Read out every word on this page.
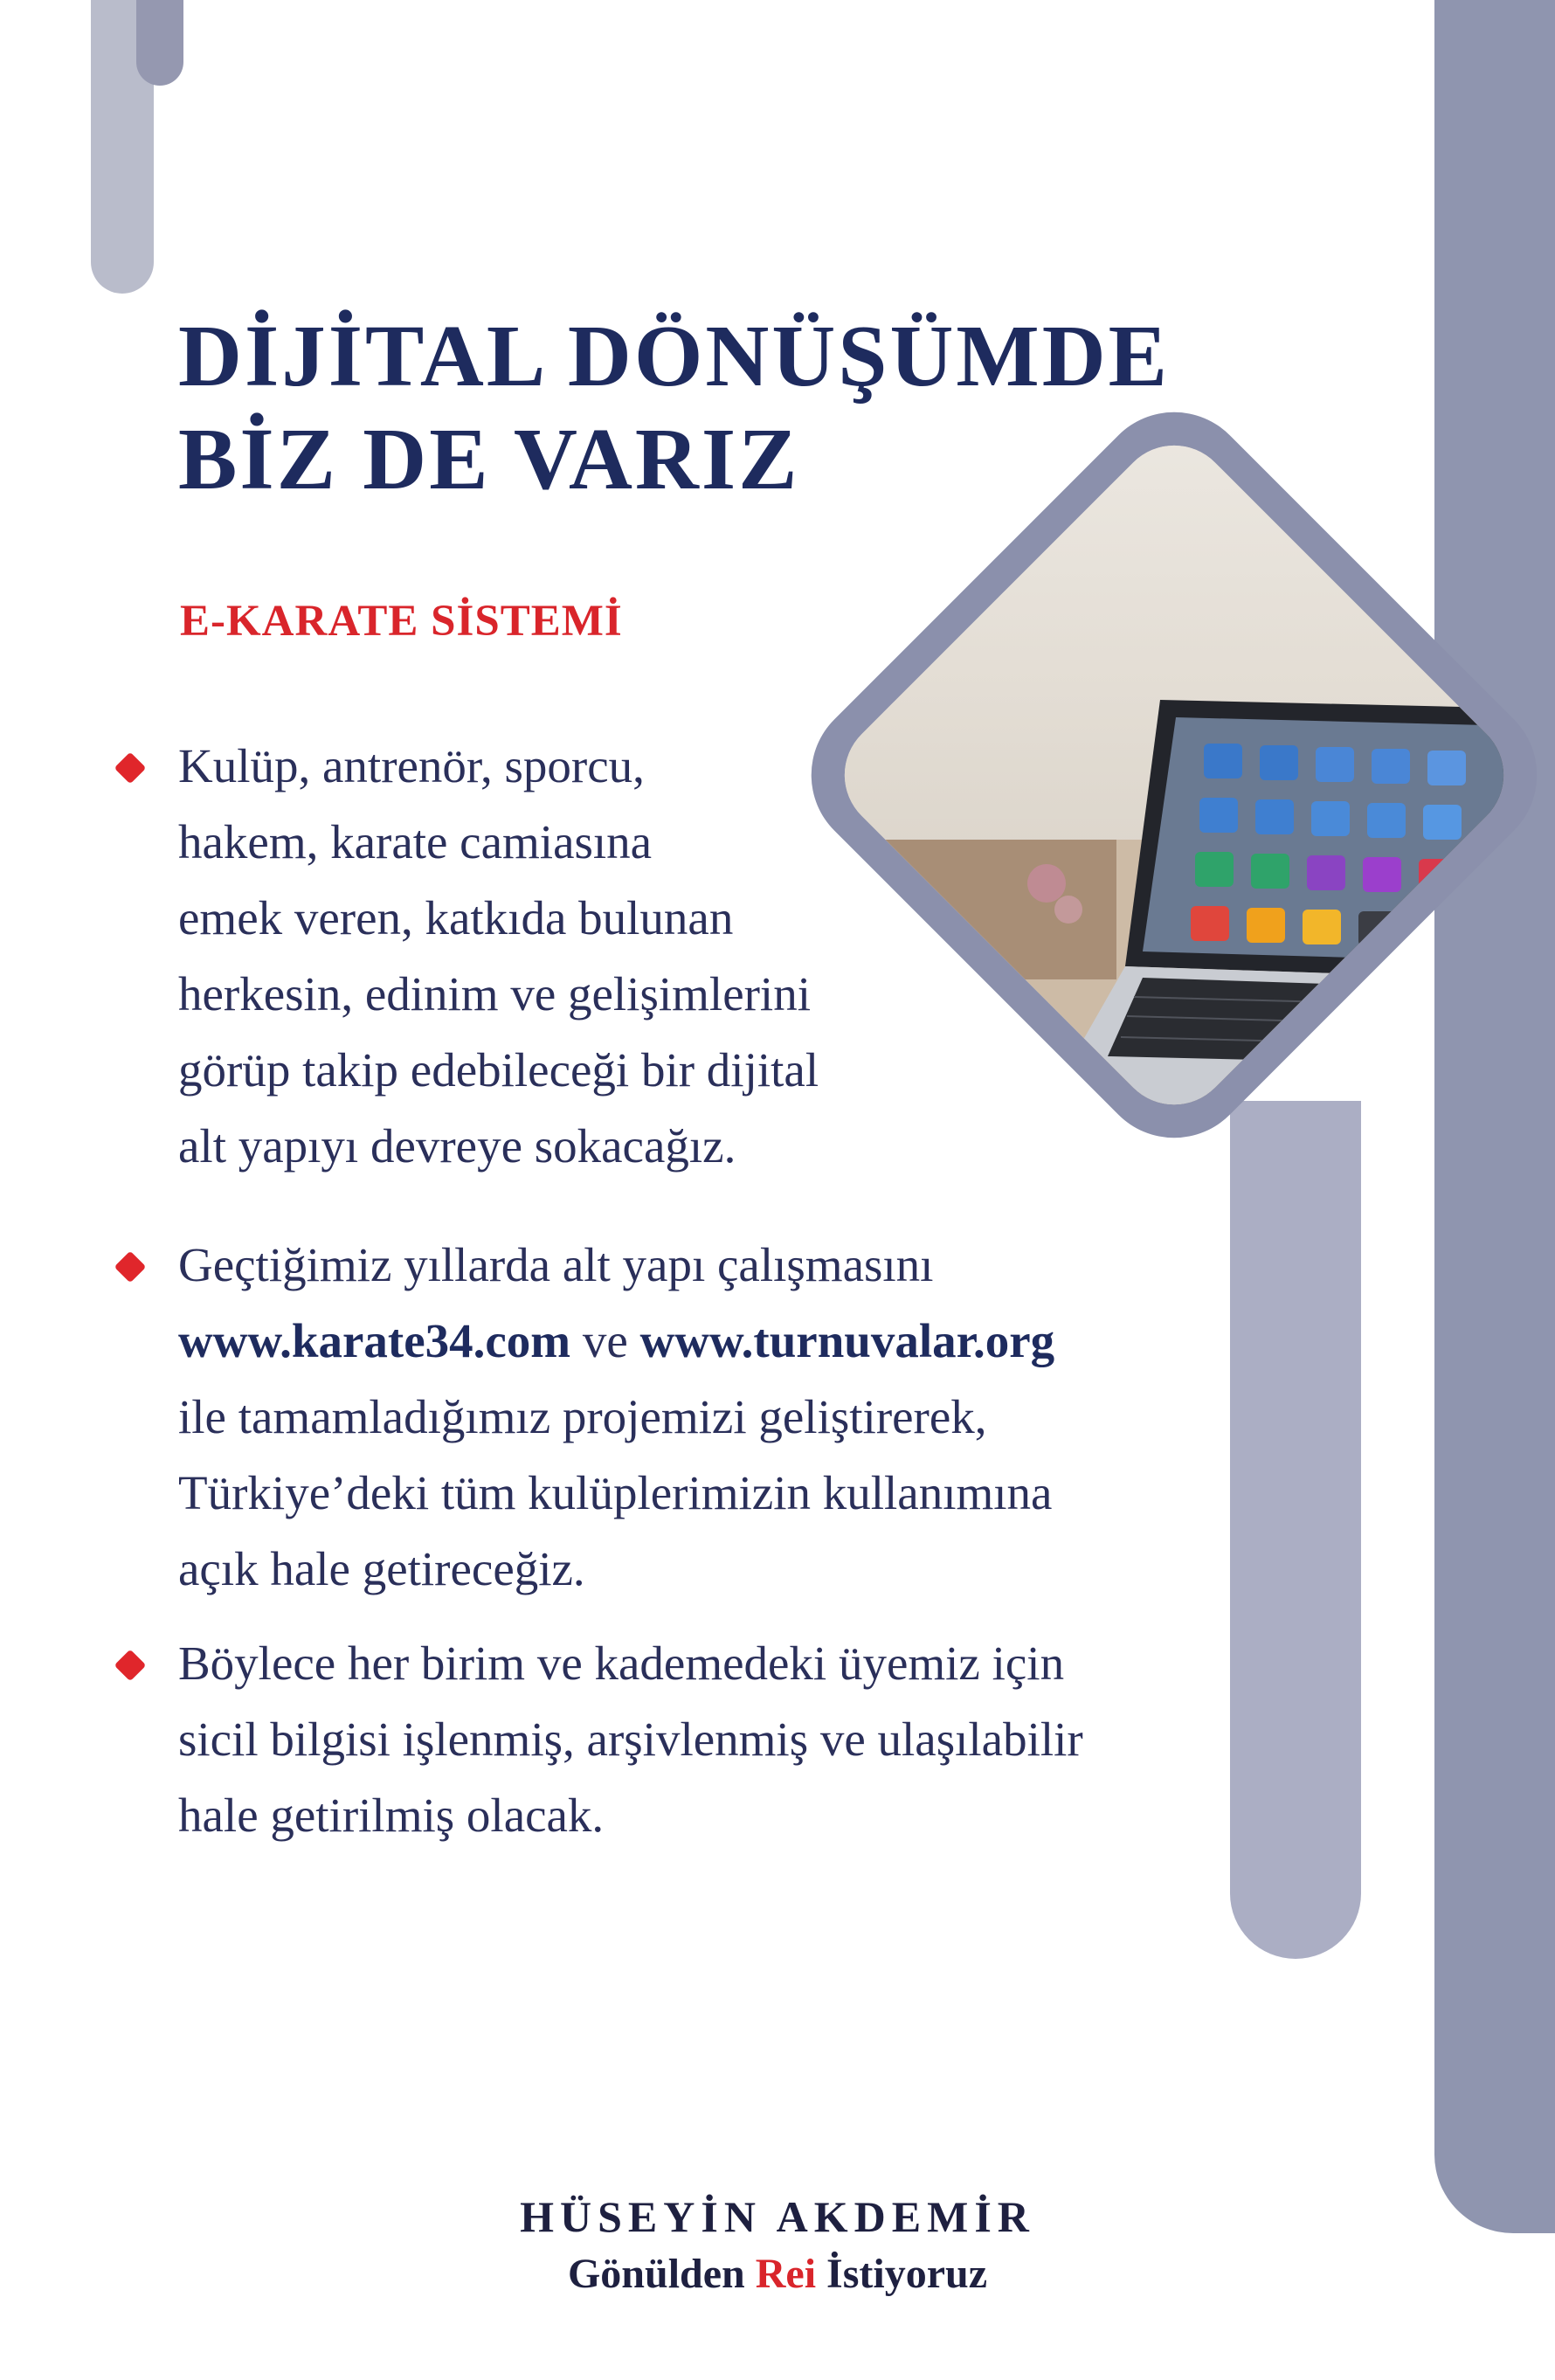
DİJİTAL DÖNÜŞÜMDE
BİZ DE VARIZ
E-KARATE SİSTEMİ

Kulüp, antrenör, sporcu,
hakem, karate camiasına
emek veren, katkıda bulunan
herkesin, edinim ve gelişimlerini
görüp takip edebileceği bir dijital
alt yapıyı devreye sokacağız.

Geçtiğimiz yıllarda alt yapı çalışmasını
www.karate34.com ve www.turnuvalar.org
ile tamamladığımız projemizi geliştirerek,
Türkiye’deki tüm kulüplerimizin kullanımına
açık hale getireceğiz.

Böylece her birim ve kademedeki üyemiz için
sicil bilgisi işlenmiş, arşivlenmiş ve ulaşılabilir
hale getirilmiş olacak.

HÜSEYİN AKDEMİR

Gönülden Rei İstiyoruz
